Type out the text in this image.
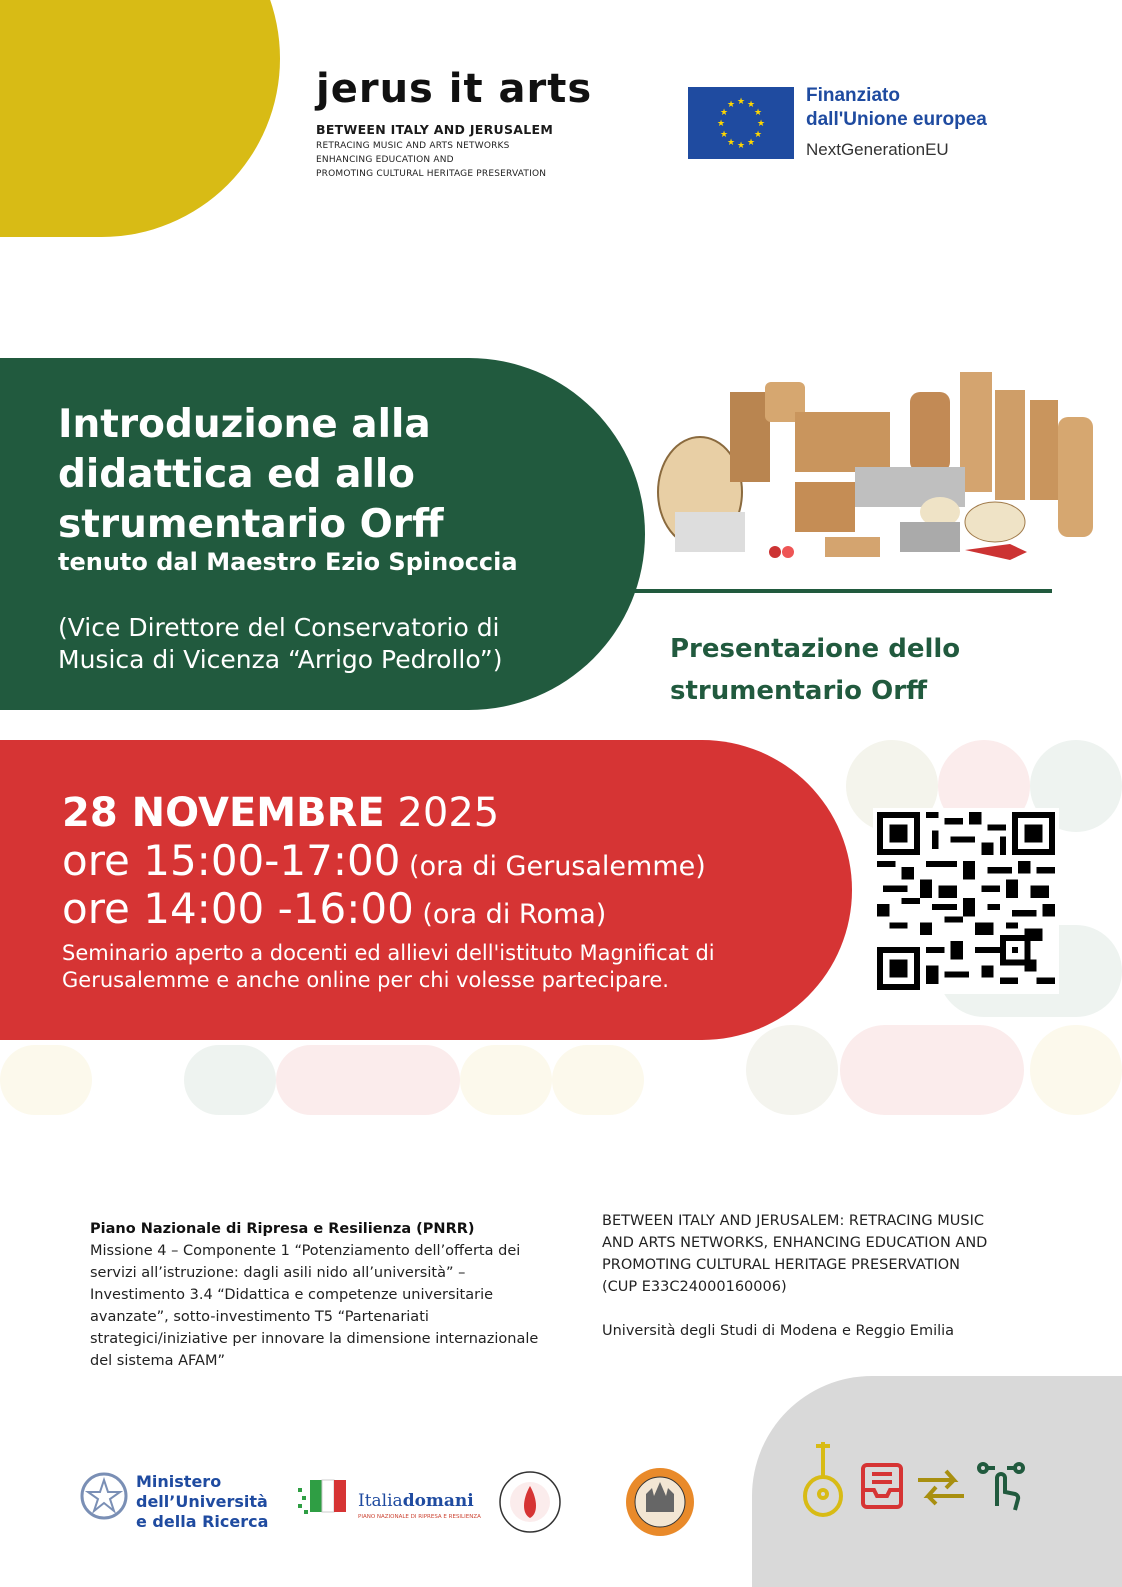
jerus it arts
BETWEEN ITALY AND JERUSALEM
RETRACING MUSIC AND ARTS NETWORKS
ENHANCING EDUCATION AND
PROMOTING CULTURAL HERITAGE PRESERVATION
★ ★
★
★
★
★
★
★
★
★
★
★	Finanziato
dall'Unione europea
NextGenerationEU
Introduzione alla
didattica ed allo
strumentario Orff
tenuto dal Maestro Ezio Spinoccia
(Vice Direttore del Conservatorio di
Musica di Vicenza “Arrigo Pedrollo”)	Presentazione dello
strumentario Orff
28 NOVEMBRE 2025
ore 15:00-17:00 (ora di Gerusalemme)
ore 14:00 -16:00 (ora di Roma)
Seminario aperto a docenti ed allievi dell'istituto Magnificat di Gerusalemme e anche online per chi volesse partecipare.
Piano Nazionale di Ripresa e Resilienza (PNRR)
Missione 4 – Componente 1 “Potenziamento dell’offerta dei servizi all’istruzione: dagli asili nido all’università” – Investimento 3.4 “Didattica e competenze universitarie avanzate”, sotto-investimento T5 “Partenariati strategici/iniziative per innovare la dimensione internazionale del sistema AFAM”
BETWEEN ITALY AND JERUSALEM: RETRACING MUSIC
AND ARTS NETWORKS, ENHANCING EDUCATION AND
PROMOTING CULTURAL HERITAGE PRESERVATION
(CUP E33C24000160006)
Università degli Studi di Modena e Reggio Emilia
Ministero
dell’Università
e della Ricerca
Italiadomani
PIANO NAZIONALE DI RIPRESA E RESILIENZA
